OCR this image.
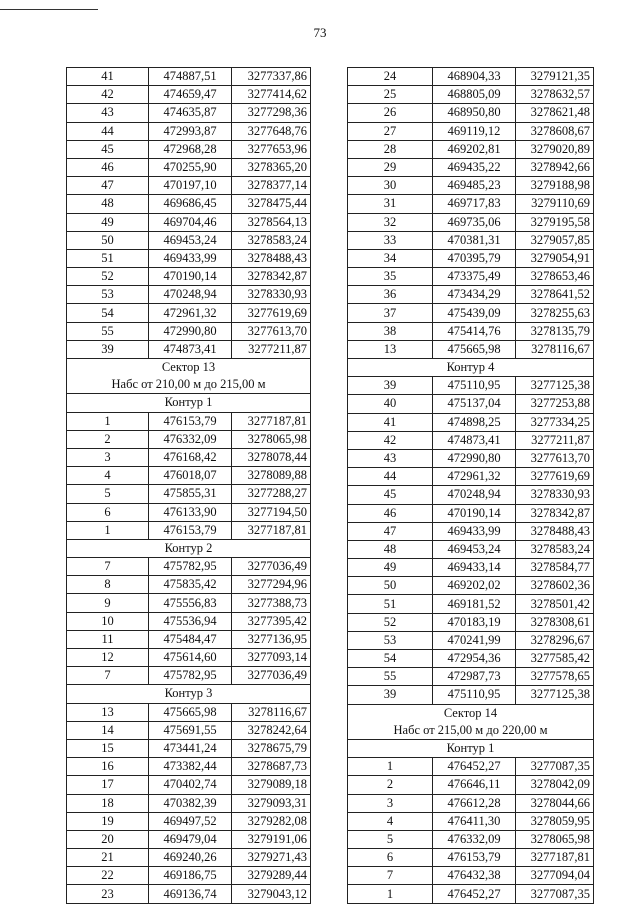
73
41	474887,51	3277337,86
42	474659,47	3277414,62
43	474635,87	3277298,36
44	472993,87	3277648,76
45	472968,28	3277653,96
46	470255,90	3278365,20
47	470197,10	3278377,14
48	469686,45	3278475,44
49	469704,46	3278564,13
50	469453,24	3278583,24
51	469433,99	3278488,43
52	470190,14	3278342,87
53	470248,94	3278330,93
54	472961,32	3277619,69
55	472990,80	3277613,70
39	474873,41	3277211,87
Сектор 13		
Набс от 210,00 м до 215,00 м		
Контур 1		
1	476153,79	3277187,81
2	476332,09	3278065,98
3	476168,42	3278078,44
4	476018,07	3278089,88
5	475855,31	3277288,27
6	476133,90	3277194,50
1	476153,79	3277187,81
Контур 2		
7	475782,95	3277036,49
8	475835,42	3277294,96
9	475556,83	3277388,73
10	475536,94	3277395,42
11	475484,47	3277136,95
12	475614,60	3277093,14
7	475782,95	3277036,49
Контур 3		
13	475665,98	3278116,67
14	475691,55	3278242,64
15	473441,24	3278675,79
16	473382,44	3278687,73
17	470402,74	3279089,18
18	470382,39	3279093,31
19	469497,52	3279282,08
20	469479,04	3279191,06
21	469240,26	3279271,43
22	469186,75	3279289,44
23	469136,74	3279043,12
24	468904,33	3279121,35
25	468805,09	3278632,57
26	468950,80	3278621,48
27	469119,12	3278608,67
28	469202,81	3279020,89
29	469435,22	3278942,66
30	469485,23	3279188,98
31	469717,83	3279110,69
32	469735,06	3279195,58
33	470381,31	3279057,85
34	470395,79	3279054,91
35	473375,49	3278653,46
36	473434,29	3278641,52
37	475439,09	3278255,63
38	475414,76	3278135,79
13	475665,98	3278116,67
Контур 4		
39	475110,95	3277125,38
40	475137,04	3277253,88
41	474898,25	3277334,25
42	474873,41	3277211,87
43	472990,80	3277613,70
44	472961,32	3277619,69
45	470248,94	3278330,93
46	470190,14	3278342,87
47	469433,99	3278488,43
48	469453,24	3278583,24
49	469433,14	3278584,77
50	469202,02	3278602,36
51	469181,52	3278501,42
52	470183,19	3278308,61
53	470241,99	3278296,67
54	472954,36	3277585,42
55	472987,73	3277578,65
39	475110,95	3277125,38
Сектор 14		
Набс от 215,00 м до 220,00 м		
Контур 1		
1	476452,27	3277087,35
2	476646,11	3278042,09
3	476612,28	3278044,66
4	476411,30	3278059,95
5	476332,09	3278065,98
6	476153,79	3277187,81
7	476432,38	3277094,04
1	476452,27	3277087,35
